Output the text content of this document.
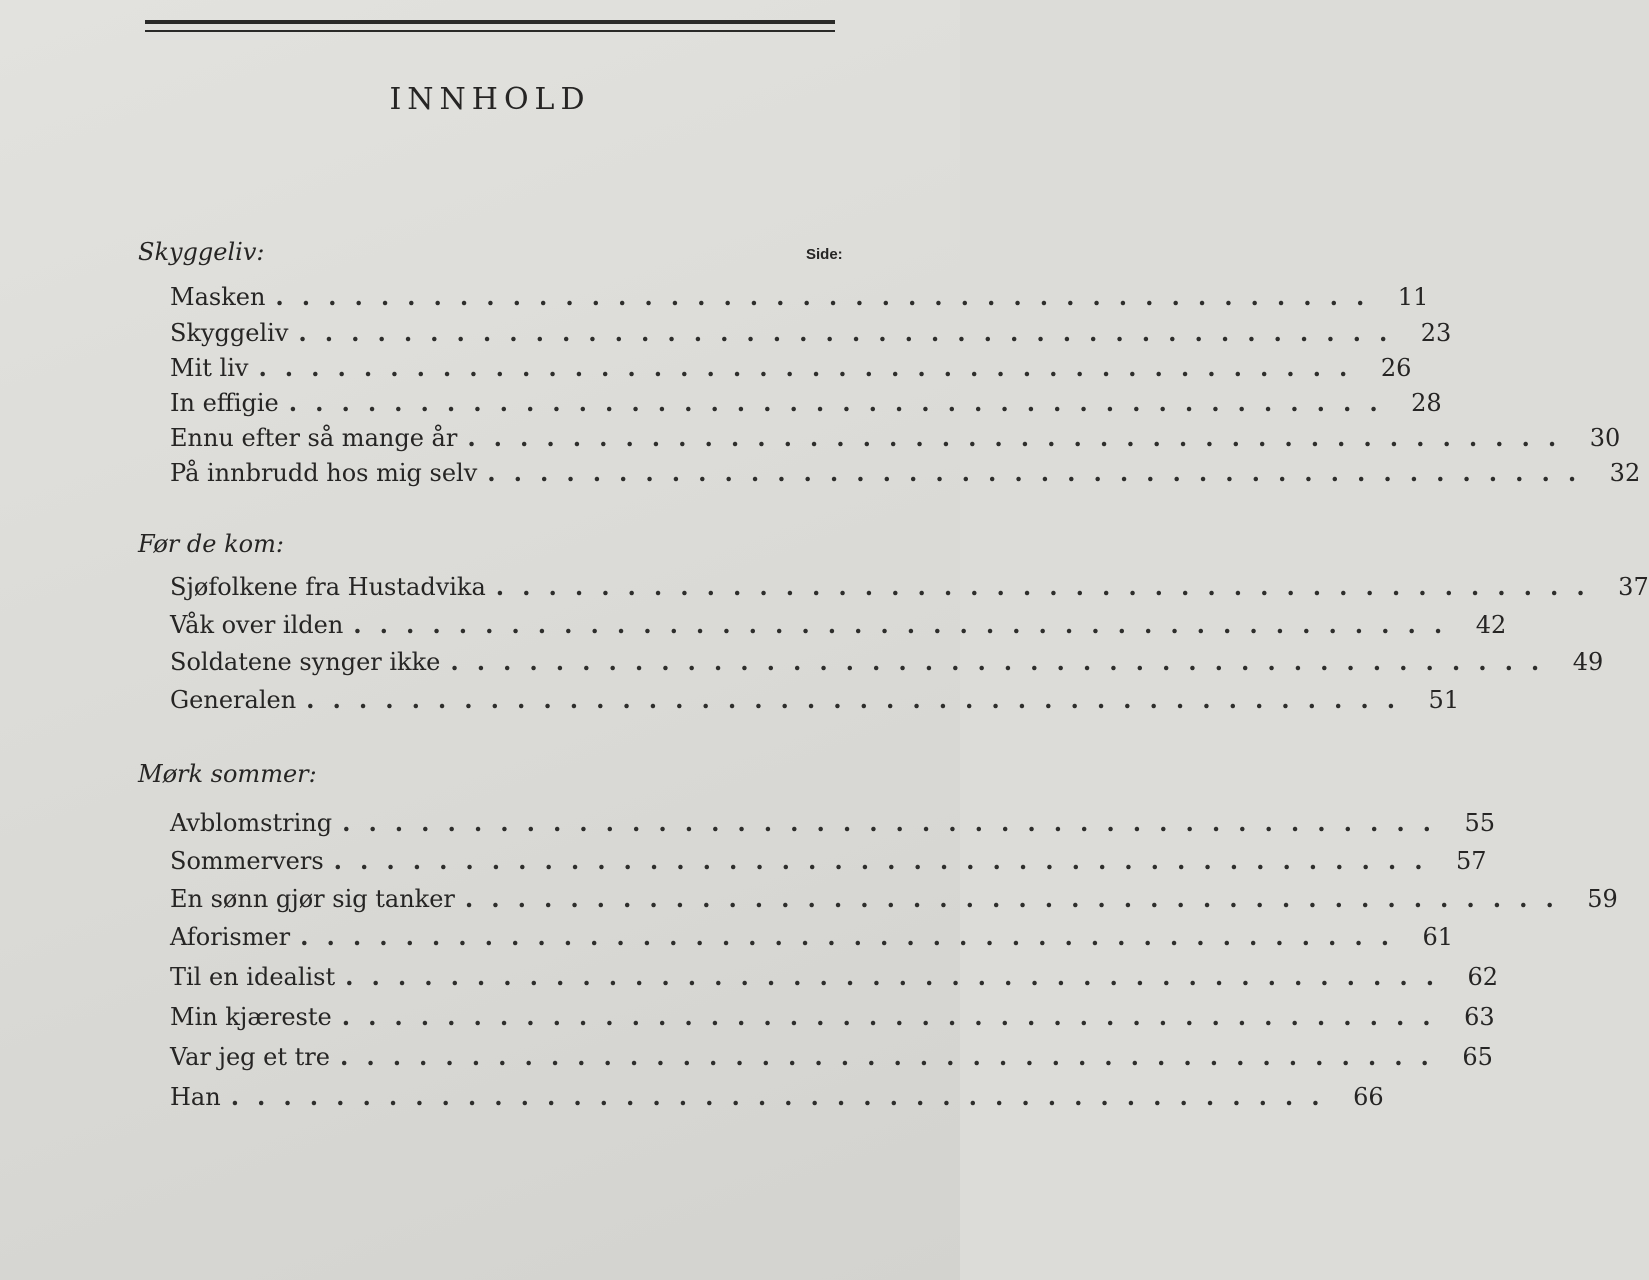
INNHOLD
Skyggeliv:	Side:
Masken .......................................... 11
Skyggeliv .......................................... 23
Mit liv .......................................... 26
In effigie .......................................... 28
Ennu efter så mange år .......................................... 30
På innbrudd hos mig selv .......................................... 32
Før de kom:
Sjøfolkene fra Hustadvika .......................................... 37
Våk over ilden .......................................... 42
Soldatene synger ikke .......................................... 49
Generalen .......................................... 51
Mørk sommer:
Avblomstring .......................................... 55
Sommervers .......................................... 57
En sønn gjør sig tanker .......................................... 59
Aforismer .......................................... 61
Til en idealist .......................................... 62
Min kjæreste .......................................... 63
Var jeg et tre .......................................... 65
Han .......................................... 66
